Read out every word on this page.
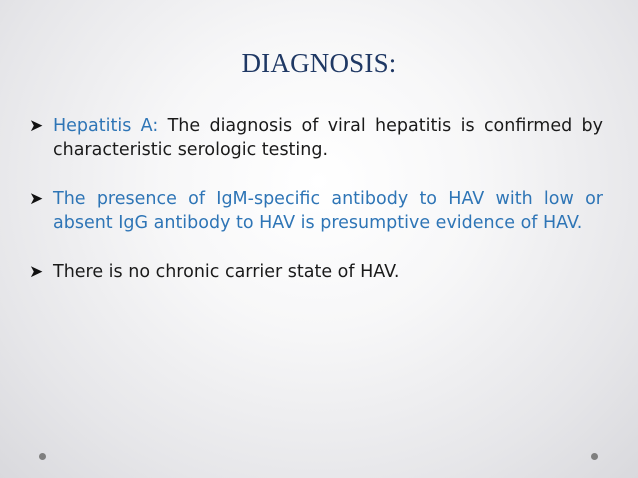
DIAGNOSIS:
➤ Hepatitis A: The diagnosis of viral hepatitis is confirmed by characteristic serologic testing.
➤ The presence of IgM-specific antibody to HAV with low or absent IgG antibody to HAV is presumptive evidence of HAV.
➤ There is no chronic carrier state of HAV.
